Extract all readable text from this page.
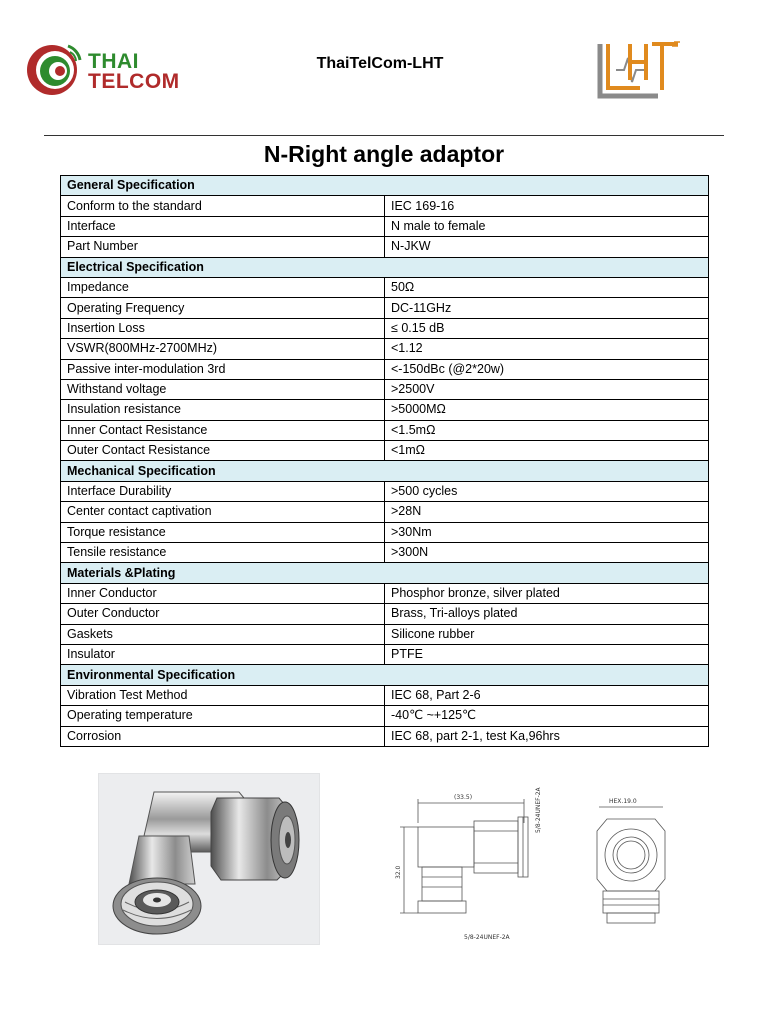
THAI
TELCOM
ThaiTelCom-LHT
N-Right angle adaptor
General Specification	
Conform to the standard	IEC 169-16
Interface	N male to female
Part Number	N-JKW
Electrical Specification	
Impedance	50Ω
Operating Frequency	DC-11GHz
Insertion Loss	≤ 0.15 dB
VSWR(800MHz-2700MHz)	<1.12
Passive inter-modulation 3rd	<-150dBc (@2*20w)
Withstand voltage	>2500V
Insulation resistance	>5000MΩ
Inner Contact Resistance	<1.5mΩ
Outer Contact Resistance	<1mΩ
Mechanical Specification	
Interface Durability	>500 cycles
Center contact captivation	>28N
Torque resistance	>30Nm
Tensile resistance	>300N
Materials &Plating	
Inner Conductor	Phosphor bronze, silver plated
Outer Conductor	Brass, Tri-alloys plated
Gaskets	Silicone rubber
Insulator	PTFE
Environmental Specification	
Vibration Test Method	IEC 68, Part 2-6
Operating temperature	-40℃ ~+125℃
Corrosion	IEC 68, part 2-1, test Ka,96hrs
(33.5)
32.0
5/8-24UNEF-2A
5/8-24UNEF-2A	HEX.19.0
